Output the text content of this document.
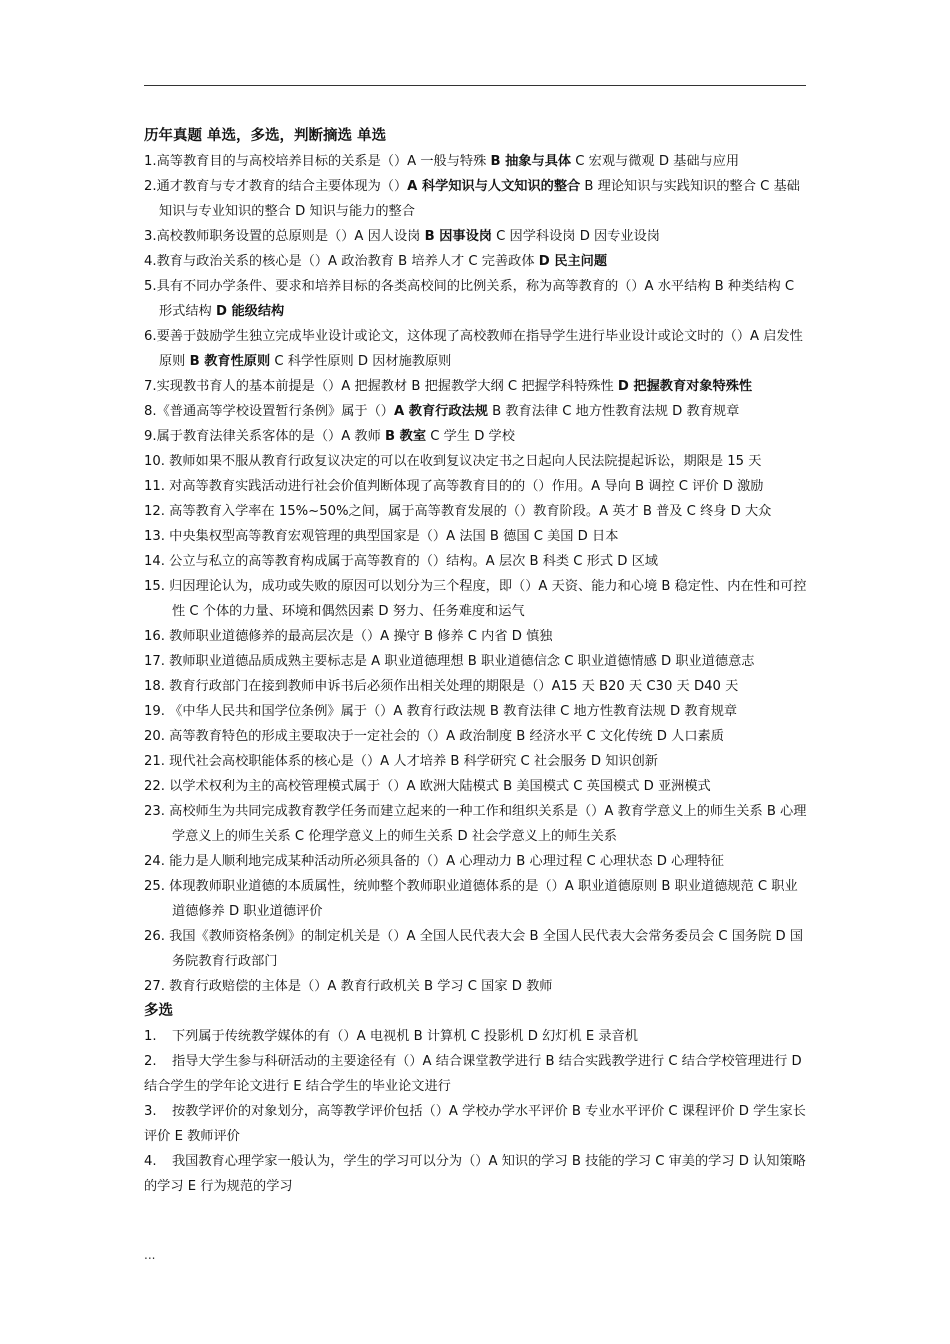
历年真题 单选，多选，判断摘选 单选
1.高等教育目的与高校培养目标的关系是（）A 一般与特殊 B 抽象与具体 C 宏观与微观 D 基础与应用
2.通才教育与专才教育的结合主要体现为（）A 科学知识与人文知识的整合 B 理论知识与实践知识的整合 C 基础知识与专业知识的整合 D 知识与能力的整合
3.高校教师职务设置的总原则是（）A 因人设岗 B 因事设岗 C 因学科设岗 D 因专业设岗
4.教育与政治关系的核心是（）A 政治教育 B 培养人才 C 完善政体 D 民主问题
5.具有不同办学条件、要求和培养目标的各类高校间的比例关系，称为高等教育的（）A 水平结构 B 种类结构 C 形式结构 D 能级结构
6.要善于鼓励学生独立完成毕业设计或论文，这体现了高校教师在指导学生进行毕业设计或论文时的（）A 启发性原则 B 教育性原则 C 科学性原则 D 因材施教原则
7.实现教书育人的基本前提是（）A 把握教材 B 把握教学大纲 C 把握学科特殊性 D 把握教育对象特殊性
8.《普通高等学校设置暂行条例》属于（）A 教育行政法规 B 教育法律 C 地方性教育法规 D 教育规章
9.属于教育法律关系客体的是（）A 教师 B 教室 C 学生 D 学校
10. 教师如果不服从教育行政复议决定的可以在收到复议决定书之日起向人民法院提起诉讼，期限是 15 天
11. 对高等教育实践活动进行社会价值判断体现了高等教育目的的（）作用。A 导向 B 调控 C 评价 D 激励
12. 高等教育入学率在 15%~50%之间，属于高等教育发展的（）教育阶段。A 英才 B 普及 C 终身 D 大众
13. 中央集权型高等教育宏观管理的典型国家是（）A 法国 B 德国 C 美国 D 日本
14. 公立与私立的高等教育构成属于高等教育的（）结构。A 层次 B 科类 C 形式 D 区域
15. 归因理论认为，成功或失败的原因可以划分为三个程度，即（）A 天资、能力和心境 B 稳定性、内在性和可控性 C 个体的力量、环境和偶然因素 D 努力、任务难度和运气
16. 教师职业道德修养的最高层次是（）A 操守 B 修养 C 内省 D 慎独
17. 教师职业道德品质成熟主要标志是 A 职业道德理想 B 职业道德信念 C 职业道德情感 D 职业道德意志
18. 教育行政部门在接到教师申诉书后必须作出相关处理的期限是（）A15 天 B20 天 C30 天 D40 天
19. 《中华人民共和国学位条例》属于（）A 教育行政法规 B 教育法律 C 地方性教育法规 D 教育规章
20. 高等教育特色的形成主要取决于一定社会的（）A 政治制度 B 经济水平 C 文化传统 D 人口素质
21. 现代社会高校职能体系的核心是（）A 人才培养 B 科学研究 C 社会服务 D 知识创新
22. 以学术权利为主的高校管理模式属于（）A 欧洲大陆模式 B 美国模式 C 英国模式 D 亚洲模式
23. 高校师生为共同完成教育教学任务而建立起来的一种工作和组织关系是（）A 教育学意义上的师生关系 B 心理学意义上的师生关系 C 伦理学意义上的师生关系 D 社会学意义上的师生关系
24. 能力是人顺利地完成某种活动所必须具备的（）A 心理动力 B 心理过程 C 心理状态 D 心理特征
25. 体现教师职业道德的本质属性，统帅整个教师职业道德体系的是（）A 职业道德原则 B 职业道德规范 C 职业道德修养 D 职业道德评价
26. 我国《教师资格条例》的制定机关是（）A 全国人民代表大会 B 全国人民代表大会常务委员会 C 国务院 D 国务院教育行政部门
27. 教育行政赔偿的主体是（）A 教育行政机关 B 学习 C 国家 D 教师
多选
1. 下列属于传统教学媒体的有（）A 电视机 B 计算机 C 投影机 D 幻灯机 E 录音机
2. 指导大学生参与科研活动的主要途径有（）A 结合课堂教学进行 B 结合实践教学进行 C 结合学校管理进行 D 结合学生的学年论文进行 E 结合学生的毕业论文进行
3. 按教学评价的对象划分，高等教学评价包括（）A 学校办学水平评价 B 专业水平评价 C 课程评价 D 学生家长评价 E 教师评价
4. 我国教育心理学家一般认为，学生的学习可以分为（）A 知识的学习 B 技能的学习 C 审美的学习 D 认知策略的学习 E 行为规范的学习
...
